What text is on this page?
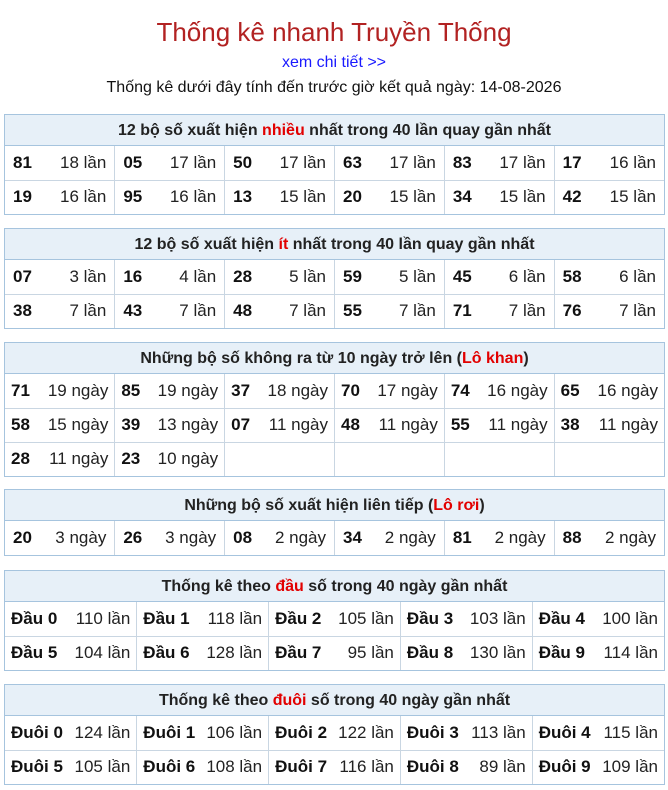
Thống kê nhanh Truyền Thống
xem chi tiết >>
Thống kê dưới đây tính đến trước giờ kết quả ngày: 14-08-2026
12 bộ số xuất hiện nhiều nhất trong 40 lần quay gần nhất
81 18 lần	05 17 lần	50 17 lần	63 17 lần	83 17 lần	17 16 lần

19 16 lần	95 16 lần	13 15 lần	20 15 lần	34 15 lần	42 15 lần
12 bộ số xuất hiện ít nhất trong 40 lần quay gần nhất
07 3 lần	16 4 lần	28 5 lần	59 5 lần	45 6 lần	58 6 lần

38 7 lần	43 7 lần	48 7 lần	55 7 lần	71 7 lần	76 7 lần
Những bộ số không ra từ 10 ngày trở lên (Lô khan)
71 19 ngày	85 19 ngày	37 18 ngày	70 17 ngày	74 16 ngày	65 16 ngày

58 15 ngày	39 13 ngày	07 11 ngày	48 11 ngày	55 11 ngày	38 11 ngày

28 11 ngày	23 10 ngày				

Những bộ số xuất hiện liên tiếp (Lô rơi)
20 3 ngày	26 3 ngày	08 2 ngày	34 2 ngày	81 2 ngày	88 2 ngày
Thống kê theo đầu số trong 40 ngày gần nhất
Đầu 0 110 lần	Đầu 1 118 lần	Đầu 2 105 lần	Đầu 3 103 lần	Đầu 4 100 lần

Đầu 5 104 lần	Đầu 6 128 lần	Đầu 7 95 lần	Đầu 8 130 lần	Đầu 9 114 lần
Thống kê theo đuôi số trong 40 ngày gần nhất
Đuôi 0 124 lần	Đuôi 1 106 lần	Đuôi 2 122 lần	Đuôi 3 113 lần	Đuôi 4 115 lần

Đuôi 5 105 lần	Đuôi 6 108 lần	Đuôi 7 116 lần	Đuôi 8 89 lần	Đuôi 9 109 lần
